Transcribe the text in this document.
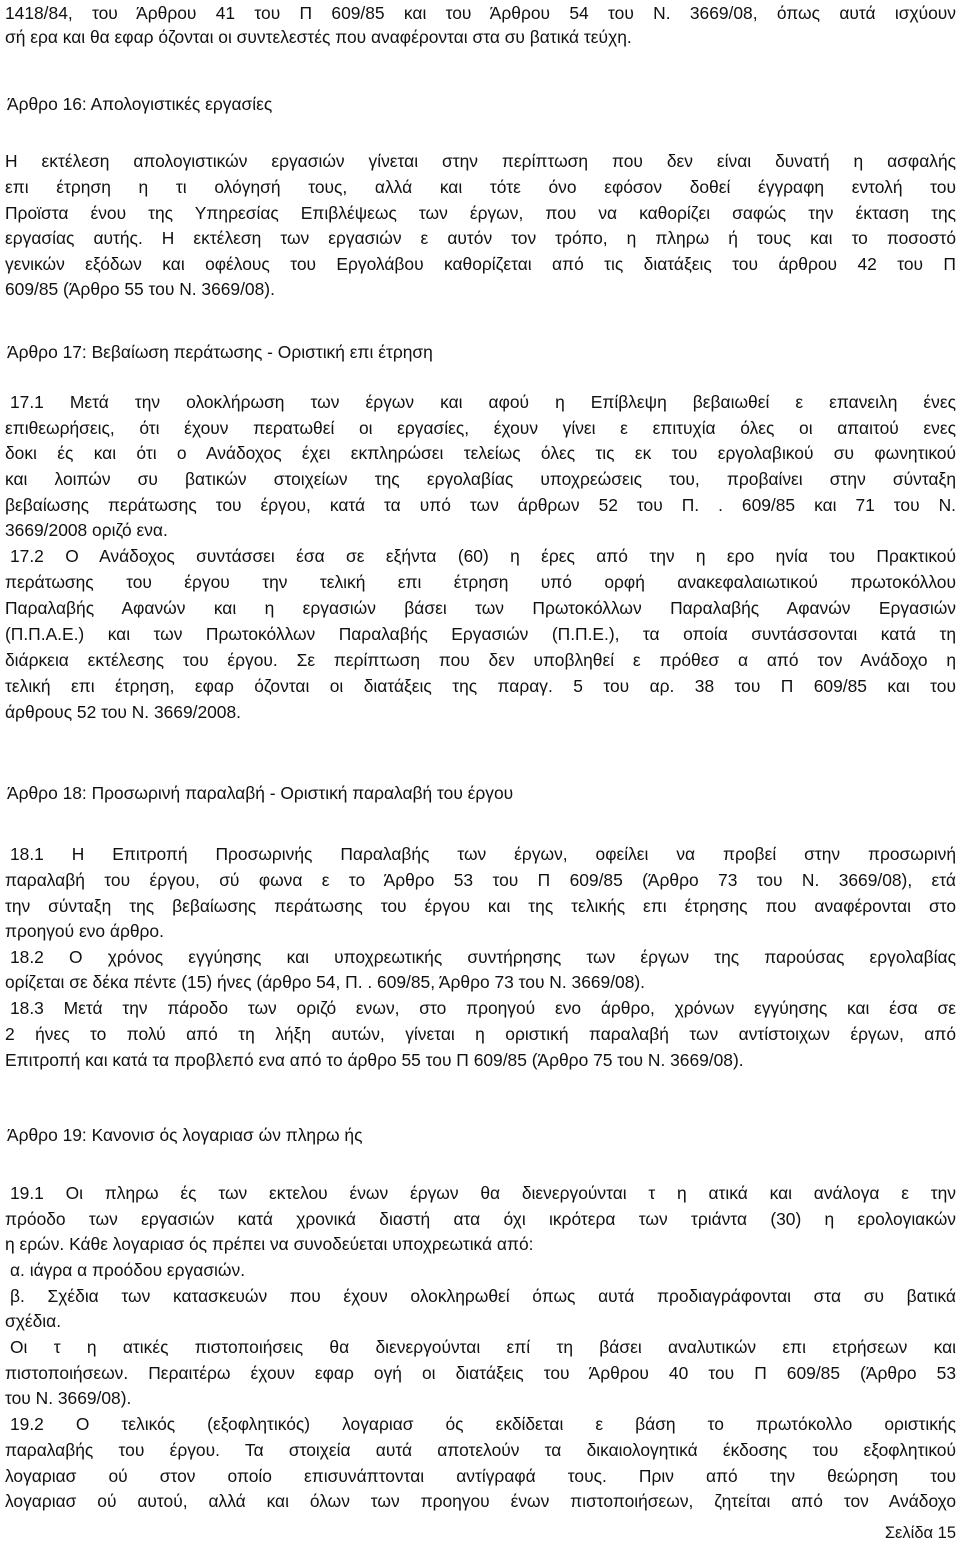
1418/84, του Άρθρου 41 του Π 609/85 και του Άρθρου 54 του Ν. 3669/08, όπως αυτά ισχύουν
σή ερα και θα εφαρ όζονται οι συντελεστές που αναφέρονται στα συ βατικά τεύχη.
Άρθρο 16: Απολογιστικές εργασίες
Η εκτέλεση απολογιστικών εργασιών γίνεται στην περίπτωση που δεν είναι δυνατή η ασφαλής
επι έτρηση η τι ολόγησή τους, αλλά και τότε όνο εφόσον δοθεί έγγραφη εντολή του
Προϊστα ένου της Υπηρεσίας Επιβλέψεως των έργων, που να καθορίζει σαφώς την έκταση της
εργασίας αυτής. Η εκτέλεση των εργασιών ε αυτόν τον τρόπο, η πληρω ή τους και το ποσοστό
γενικών εξόδων και οφέλους του Εργολάβου καθορίζεται από τις διατάξεις του άρθρου 42 του Π
609/85 (Άρθρο 55 του Ν. 3669/08).
Άρθρο 17: Βεβαίωση περάτωσης - Οριστική επι έτρηση
17.1 Μετά την ολοκλήρωση των έργων και αφού η Επίβλεψη βεβαιωθεί ε επανειλη ένες
επιθεωρήσεις, ότι έχουν περατωθεί οι εργασίες, έχουν γίνει ε επιτυχία όλες οι απαιτού ενες
δοκι ές και ότι ο Ανάδοχος έχει εκπληρώσει τελείως όλες τις εκ του εργολαβικού συ φωνητικού
και λοιπών συ βατικών στοιχείων της εργολαβίας υποχρεώσεις του, προβαίνει στην σύνταξη
βεβαίωσης περάτωσης του έργου, κατά τα υπό των άρθρων 52 του Π. . 609/85 και 71 του Ν.
3669/2008 οριζό ενα.
17.2 Ο Ανάδοχος συντάσσει έσα σε εξήντα (60) η έρες από την η ερο ηνία του Πρακτικού
περάτωσης του έργου την τελική επι έτρηση υπό ορφή ανακεφαλαιωτικού πρωτοκόλλου
Παραλαβής Αφανών και η εργασιών βάσει των Πρωτοκόλλων Παραλαβής Αφανών Εργασιών
(Π.Π.Α.Ε.) και των Πρωτοκόλλων Παραλαβής Εργασιών (Π.Π.Ε.), τα οποία συντάσσονται κατά τη
διάρκεια εκτέλεσης του έργου. Σε περίπτωση που δεν υποβληθεί ε πρόθεσ α από τον Ανάδοχο η
τελική επι έτρηση, εφαρ όζονται οι διατάξεις της παραγ. 5 του αρ. 38 του Π 609/85 και του
άρθρους 52 του Ν. 3669/2008.
Άρθρο 18: Προσωρινή παραλαβή - Οριστική παραλαβή του έργου
18.1 Η Επιτροπή Προσωρινής Παραλαβής των έργων, οφείλει να προβεί στην προσωρινή
παραλαβή του έργου, σύ φωνα ε το Άρθρο 53 του Π 609/85 (Άρθρο 73 του Ν. 3669/08), ετά
την σύνταξη της βεβαίωσης περάτωσης του έργου και της τελικής επι έτρησης που αναφέρονται στο
προηγού ενο άρθρο.
18.2 Ο χρόνος εγγύησης και υποχρεωτικής συντήρησης των έργων της παρούσας εργολαβίας
ορίζεται σε δέκα πέντε (15) ήνες (άρθρο 54, Π. . 609/85, Άρθρο 73 του Ν. 3669/08).
18.3 Μετά την πάροδο των οριζό ενων, στο προηγού ενο άρθρο, χρόνων εγγύησης και έσα σε
2 ήνες το πολύ από τη λήξη αυτών, γίνεται η οριστική παραλαβή των αντίστοιχων έργων, από
Επιτροπή και κατά τα προβλεπό ενα από το άρθρο 55 του Π 609/85 (Άρθρο 75 του Ν. 3669/08).
Άρθρο 19: Κανονισ ός λογαριασ ών πληρω ής
19.1 Οι πληρω ές των εκτελου ένων έργων θα διενεργούνται τ η ατικά και ανάλογα ε την
πρόοδο των εργασιών κατά χρονικά διαστή ατα όχι ικρότερα των τριάντα (30) η ερολογιακών
η ερών. Κάθε λογαριασ ός πρέπει να συνοδεύεται υποχρεωτικά από:
α. ιάγρα α προόδου εργασιών.
β. Σχέδια των κατασκευών που έχουν ολοκληρωθεί όπως αυτά προδιαγράφονται στα συ βατικά
σχέδια.
Οι τ η ατικές πιστοποιήσεις θα διενεργούνται επί τη βάσει αναλυτικών επι ετρήσεων και
πιστοποιήσεων. Περαιτέρω έχουν εφαρ ογή οι διατάξεις του Άρθρου 40 του Π 609/85 (Άρθρο 53
του Ν. 3669/08).
19.2 Ο τελικός (εξοφλητικός) λογαριασ ός εκδίδεται ε βάση το πρωτόκολλο οριστικής
παραλαβής του έργου. Τα στοιχεία αυτά αποτελούν τα δικαιολογητικά έκδοσης του εξοφλητικού
λογαριασ ού στον οποίο επισυνάπτονται αντίγραφά τους. Πριν από την θεώρηση του
λογαριασ ού αυτού, αλλά και όλων των προηγου ένων πιστοποιήσεων, ζητείται από τον Ανάδοχο
Σελίδα 15
